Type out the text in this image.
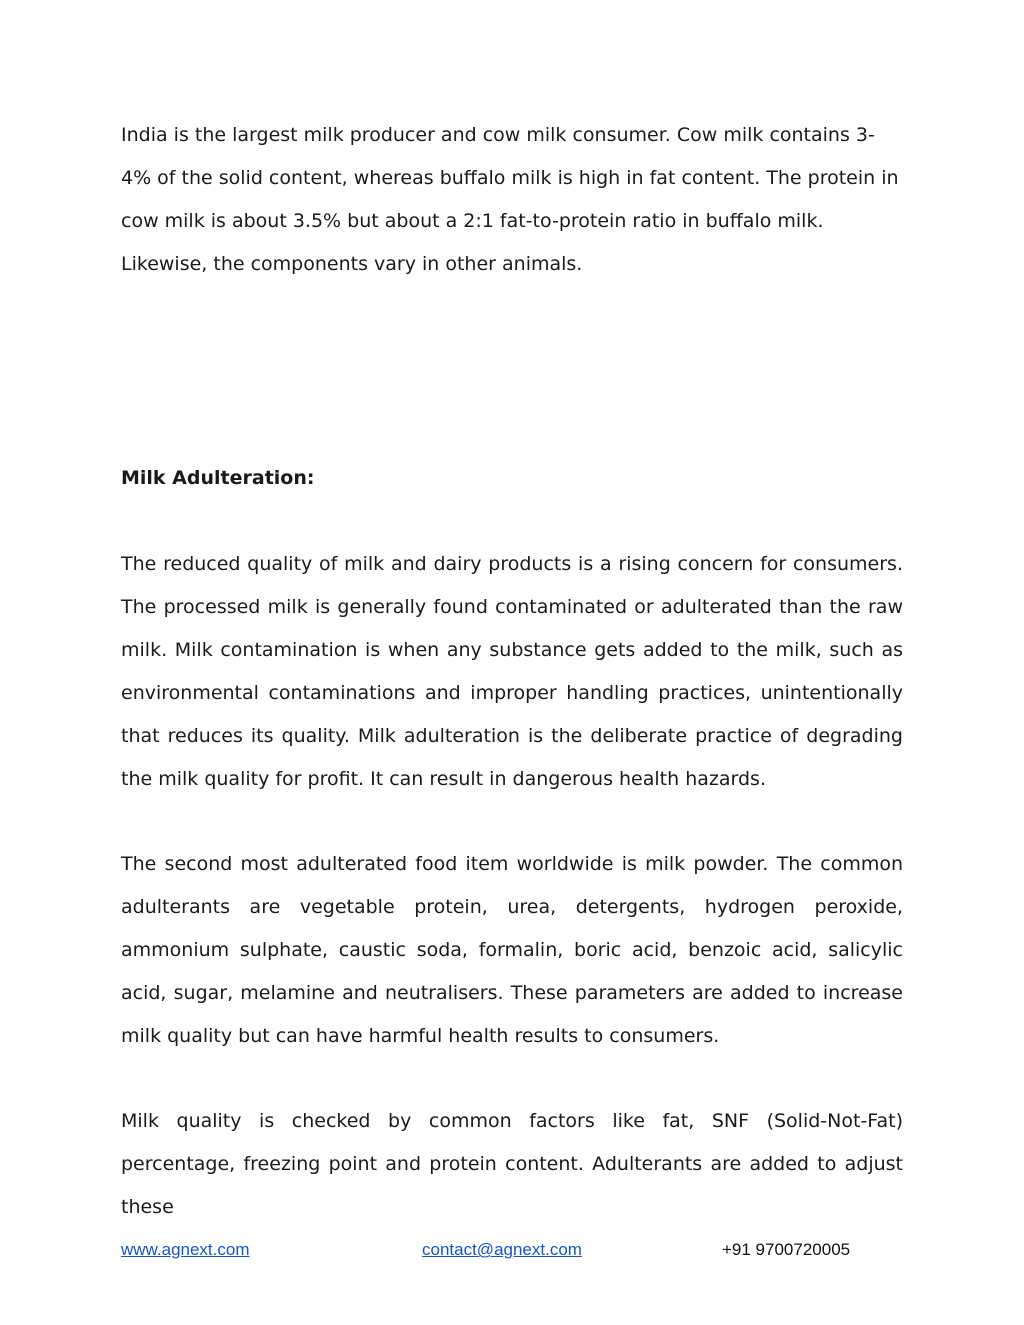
India is the largest milk producer and cow milk consumer. Cow milk contains 3-4% of the solid content, whereas buffalo milk is high in fat content. The protein in cow milk is about 3.5% but about a 2:1 fat-to-protein ratio in buffalo milk. Likewise, the components vary in other animals.

Milk Adulteration:

The reduced quality of milk and dairy products is a rising concern for consumers. The processed milk is generally found contaminated or adulterated than the raw milk. Milk contamination is when any substance gets added to the milk, such as environmental contaminations and improper handling practices, unintentionally that reduces its quality. Milk adulteration is the deliberate practice of degrading the milk quality for profit. It can result in dangerous health hazards.

The second most adulterated food item worldwide is milk powder. The common adulterants are vegetable protein, urea, detergents, hydrogen peroxide, ammonium sulphate, caustic soda, formalin, boric acid, benzoic acid, salicylic acid, sugar, melamine and neutralisers. These parameters are added to increase milk quality but can have harmful health results to consumers.

Milk quality is checked by common factors like fat, SNF (Solid-Not-Fat) percentage, freezing point and protein content. Adulterants are added to adjust these

www.agnext.com	contact@agnext.com	+91 9700720005
